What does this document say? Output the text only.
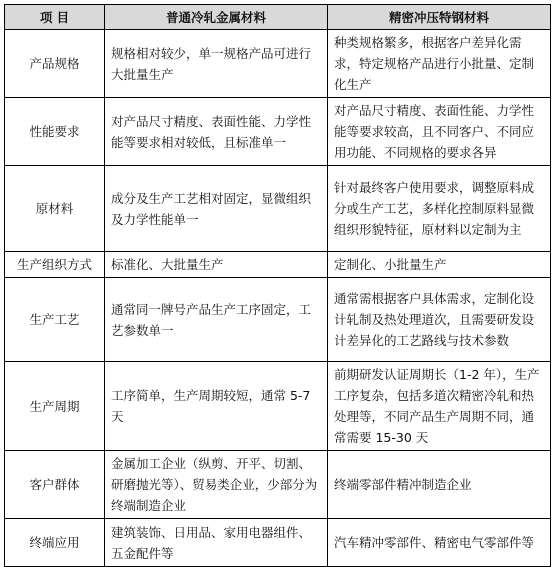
项 目	普通冷轧金属材料	精密冲压特钢材料
产品规格	规格相对较少，单一规格产品可进行大批量生产	种类规格繁多，根据客户差异化需求，特定规格产品进行小批量、定制化生产
性能要求	对产品尺寸精度、表面性能、力学性能等要求相对较低，且标准单一	对产品尺寸精度、表面性能、力学性能等要求较高，且不同客户、不同应用功能、不同规格的要求各异
原材料	成分及生产工艺相对固定，显微组织及力学性能单一	针对最终客户使用要求，调整原料成分或生产工艺，多样化控制原料显微组织形貌特征，原材料以定制为主
生产组织方式	标准化、大批量生产	定制化、小批量生产
生产工艺	通常同一牌号产品生产工序固定，工艺参数单一	通常需根据客户具体需求，定制化设计轧制及热处理道次，且需要研发设计差异化的工艺路线与技术参数
生产周期	工序简单，生产周期较短，通常 5-7 天	前期研发认证周期长（1-2 年），生产工序复杂，包括多道次精密冷轧和热处理等，不同产品生产周期不同，通常需要 15-30 天
客户群体	金属加工企业（纵剪、开平、切割、研磨抛光等）、贸易类企业，少部分为终端制造企业	终端零部件精冲制造企业
终端应用	建筑装饰、日用品、家用电器组件、五金配件等	汽车精冲零部件、精密电气零部件等
